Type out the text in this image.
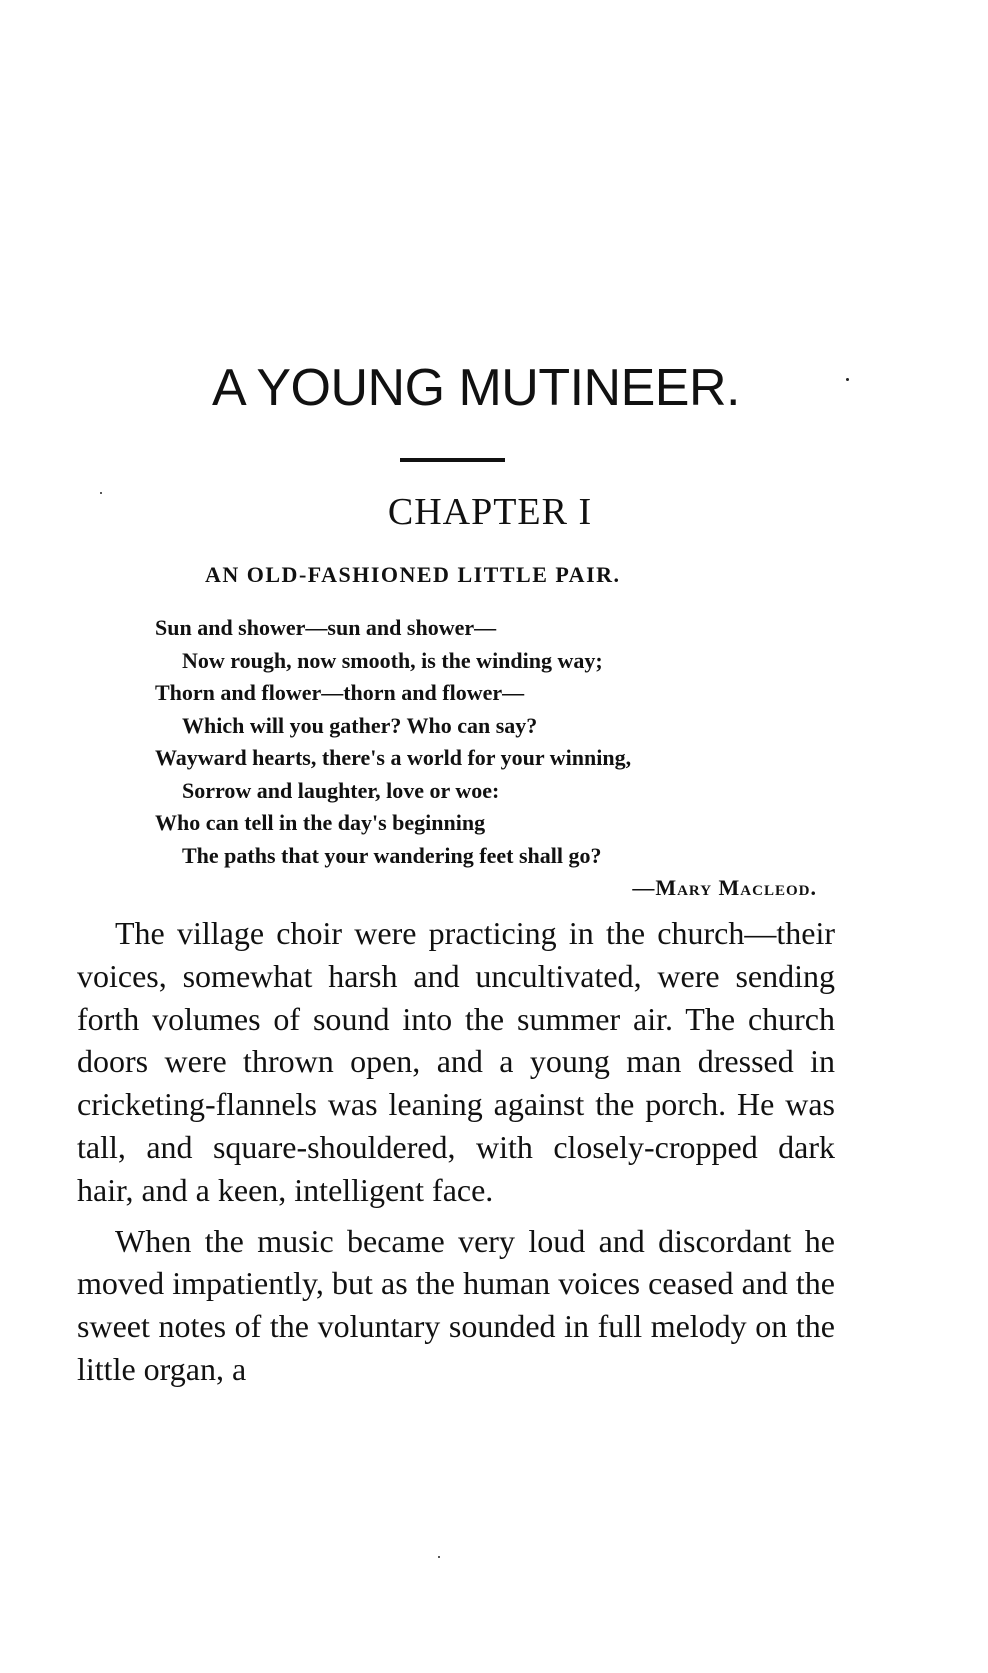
A YOUNG MUTINEER.
CHAPTER I
AN OLD-FASHIONED LITTLE PAIR.
Sun and shower—sun and shower—
Now rough, now smooth, is the winding way;
Thorn and flower—thorn and flower—
Which will you gather? Who can say?
Wayward hearts, there's a world for your winning,
Sorrow and laughter, love or woe:
Who can tell in the day's beginning
The paths that your wandering feet shall go?
—Mary Macleod.

The village choir were practicing in the church—their voices, somewhat harsh and uncultivated, were sending forth volumes of sound into the summer air. The church doors were thrown open, and a young man dressed in cricketing-flannels was leaning against the porch. He was tall, and square-shouldered, with closely-cropped dark hair, and a keen, intelligent face.

When the music became very loud and discordant he moved impatiently, but as the human voices ceased and the sweet notes of the voluntary sounded in full melody on the little organ, a
